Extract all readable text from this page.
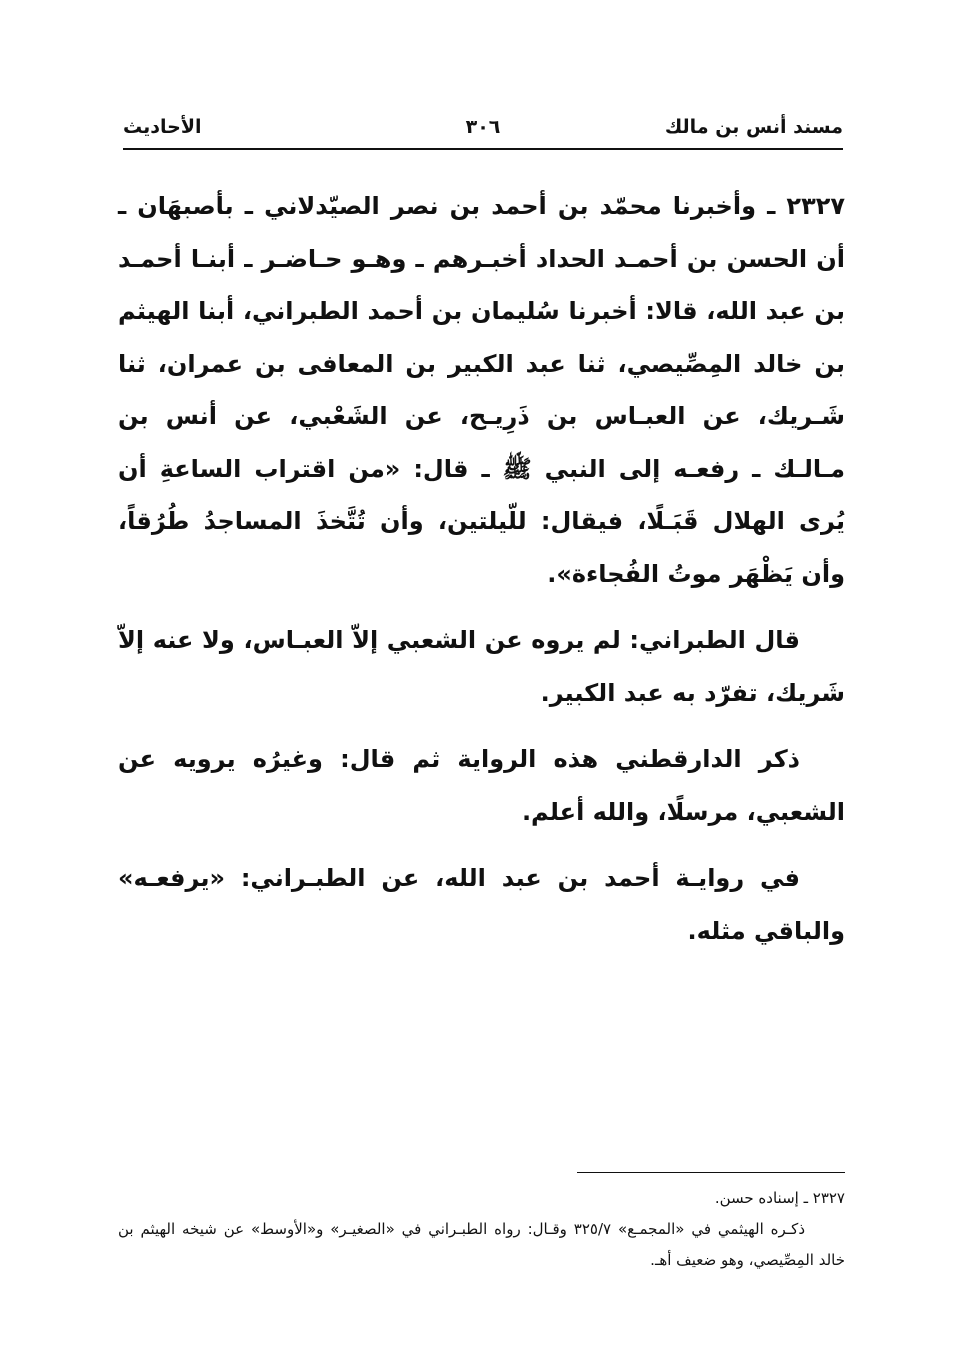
مسند أنس بن مالك
٣٠٦
الأحاديث

٢٣٢٧ ـ وأخبرنا محمّد بن أحمد بن نصر الصيّدلاني ـ بأصبهَان ـ أن الحسن بن أحمـد الحداد أخبـرهم ـ وهـو حـاضـر ـ أبنـا أحمـد بن عبد الله، قالا: أخبرنا سُليمان بن أحمد الطبراني، أبنا الهيثم بن خالد المِصِّيصي، ثنا عبد الكبير بن المعافى بن عمران، ثنا شَـريك، عن العبـاس بن ذَرِيـح، عن الشَعْبي، عن أنس بن مـالـك ـ رفعـه إلى النبي ﷺ ـ قال: «من اقتراب الساعةِ أن يُرى الهلال قَبَـلًا، فيقال: للّيلتين، وأن تُتَّخذَ المساجدُ طُرُقاً، وأن يَظْهَر موتُ الفُجاءة».

قال الطبراني: لم يروه عن الشعبي إلاّ العبـاس، ولا عنه إلاّ شَريك، تفرّد به عبد الكبير.

ذكر الدارقطني هذه الرواية ثم قال: وغيرُه يرويه عن الشعبي، مرسلًا، والله أعلم.

في روايـة أحمد بن عبد الله، عن الطبـراني: «يرفعـه» والباقي مثله.

٢٣٢٧ ـ إسناده حسن.

ذكـره الهيثمي في «المجمـع» ٣٢٥/٧ وقـال: رواه الطبـراني في «الصغيـر» و«الأوسط» عن شيخه الهيثم بن خالد المِصِّيصي، وهو ضعيف أهـ.
